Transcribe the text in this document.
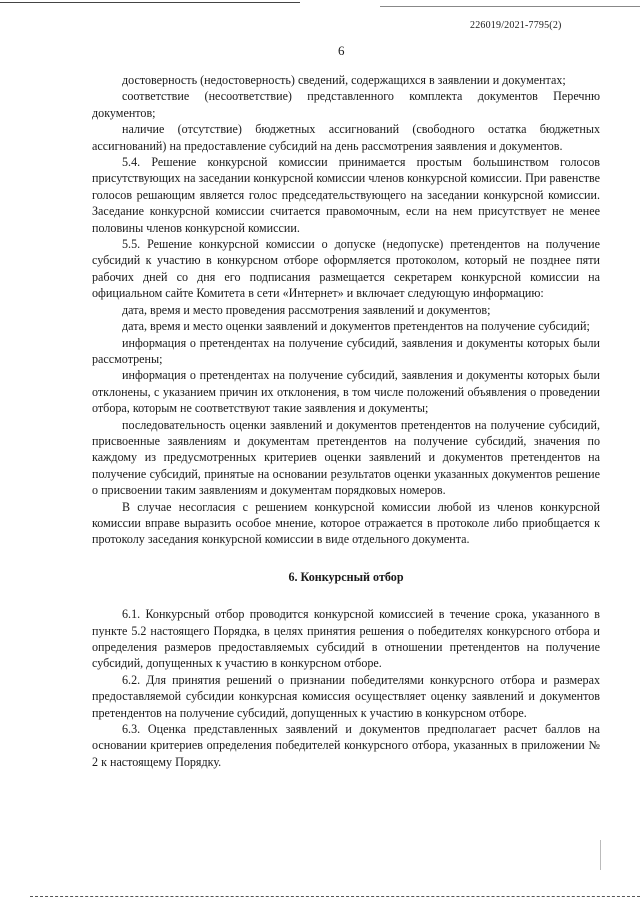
226019/2021-7795(2)
6

достоверность (недостоверность) сведений, содержащихся в заявлении и документах;

соответствие (несоответствие) представленного комплекта документов Перечню документов;

наличие (отсутствие) бюджетных ассигнований (свободного остатка бюджетных ассигнований) на предоставление субсидий на день рассмотрения заявления и документов.

5.4. Решение конкурсной комиссии принимается простым большинством голосов присутствующих на заседании конкурсной комиссии членов конкурсной комиссии. При равенстве голосов решающим является голос председательствующего на заседании конкурсной комиссии. Заседание конкурсной комиссии считается правомочным, если на нем присутствует не менее половины членов конкурсной комиссии.

5.5. Решение конкурсной комиссии о допуске (недопуске) претендентов на получение субсидий к участию в конкурсном отборе оформляется протоколом, который не позднее пяти рабочих дней со дня его подписания размещается секретарем конкурсной комиссии на официальном сайте Комитета в сети «Интернет» и включает следующую информацию:

дата, время и место проведения рассмотрения заявлений и документов;

дата, время и место оценки заявлений и документов претендентов на получение субсидий;

информация о претендентах на получение субсидий, заявления и документы которых были рассмотрены;

информация о претендентах на получение субсидий, заявления и документы которых были отклонены, с указанием причин их отклонения, в том числе положений объявления о проведении отбора, которым не соответствуют такие заявления и документы;

последовательность оценки заявлений и документов претендентов на получение субсидий, присвоенные заявлениям и документам претендентов на получение субсидий, значения по каждому из предусмотренных критериев оценки заявлений и документов претендентов на получение субсидий, принятые на основании результатов оценки указанных документов решение о присвоении таким заявлениям и документам порядковых номеров.

В случае несогласия с решением конкурсной комиссии любой из членов конкурсной комиссии вправе выразить особое мнение, которое отражается в протоколе либо приобщается к протоколу заседания конкурсной комиссии в виде отдельного документа.

6. Конкурсный отбор

6.1. Конкурсный отбор проводится конкурсной комиссией в течение срока, указанного в пункте 5.2 настоящего Порядка, в целях принятия решения о победителях конкурсного отбора и определения размеров предоставляемых субсидий в отношении претендентов на получение субсидий, допущенных к участию в конкурсном отборе.

6.2. Для принятия решений о признании победителями конкурсного отбора и размерах предоставляемой субсидии конкурсная комиссия осуществляет оценку заявлений и документов претендентов на получение субсидий, допущенных к участию в конкурсном отборе.

6.3. Оценка представленных заявлений и документов предполагает расчет баллов на основании критериев определения победителей конкурсного отбора, указанных в приложении № 2 к настоящему Порядку.
